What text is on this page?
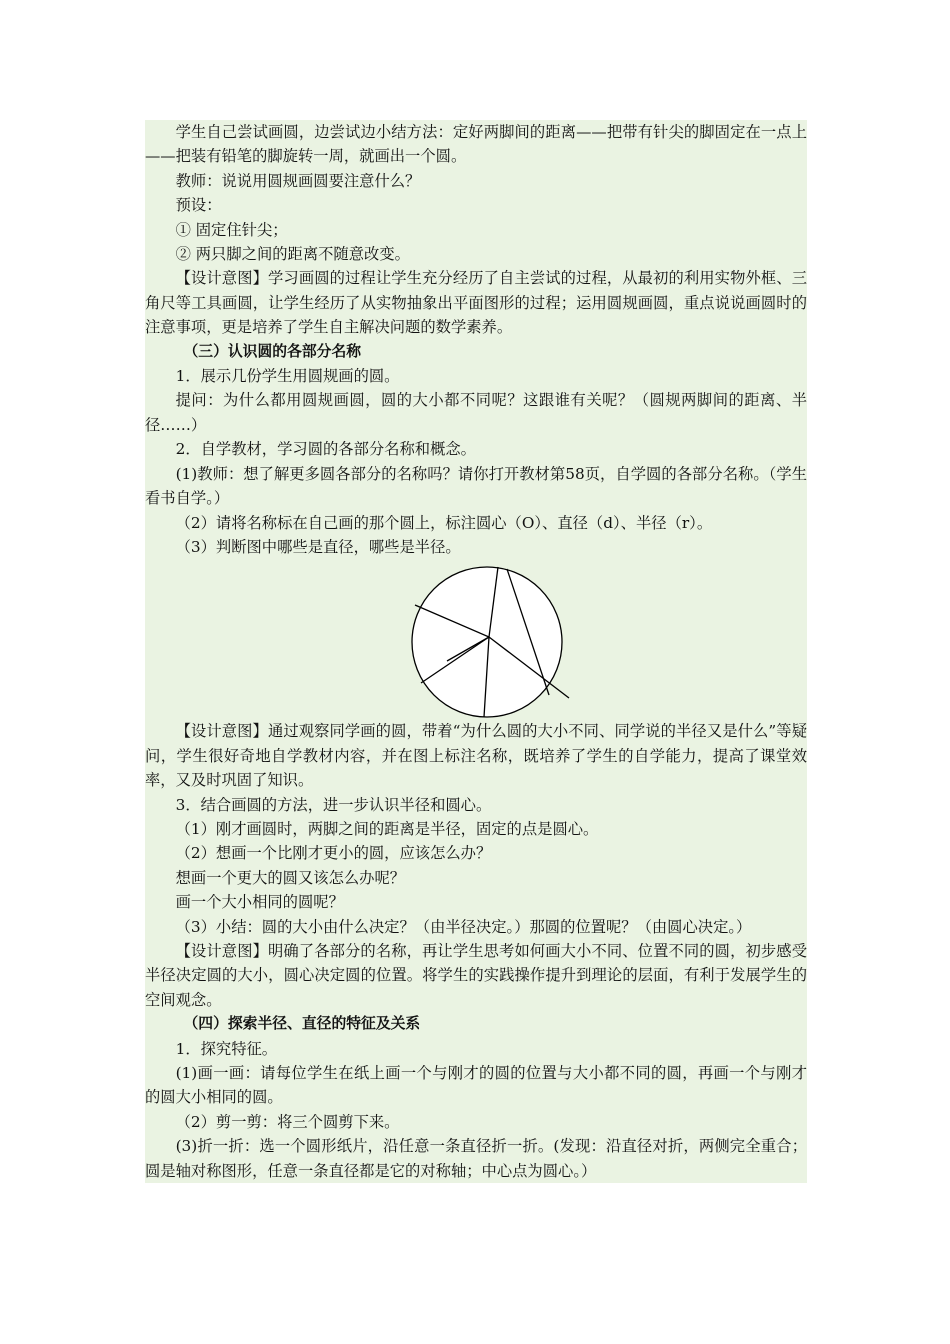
学生自己尝试画圆，边尝试边小结方法：定好两脚间的距离——把带有针尖的脚固定在一点上——把装有铅笔的脚旋转一周，就画出一个圆。

教师：说说用圆规画圆要注意什么？

预设：

① 固定住针尖；

② 两只脚之间的距离不随意改变。

【设计意图】学习画圆的过程让学生充分经历了自主尝试的过程，从最初的利用实物外框、三角尺等工具画圆，让学生经历了从实物抽象出平面图形的过程；运用圆规画圆，重点说说画圆时的注意事项，更是培养了学生自主解决问题的数学素养。

（三）认识圆的各部分名称

1．展示几份学生用圆规画的圆。

提问：为什么都用圆规画圆，圆的大小都不同呢？这跟谁有关呢？（圆规两脚间的距离、半径……）

2．自学教材，学习圆的各部分名称和概念。

(1)教师：想了解更多圆各部分的名称吗？请你打开教材第58页，自学圆的各部分名称。（学生看书自学。）

（2）请将名称标在自己画的那个圆上，标注圆心（O）、直径（d）、半径（r）。

（3）判断图中哪些是直径，哪些是半径。

【设计意图】通过观察同学画的圆，带着“为什么圆的大小不同、同学说的半径又是什么”等疑问，学生很好奇地自学教材内容，并在图上标注名称，既培养了学生的自学能力，提高了课堂效率，又及时巩固了知识。

3．结合画圆的方法，进一步认识半径和圆心。

（1）刚才画圆时，两脚之间的距离是半径，固定的点是圆心。

（2）想画一个比刚才更小的圆，应该怎么办？

想画一个更大的圆又该怎么办呢？

画一个大小相同的圆呢？

（3）小结：圆的大小由什么决定？（由半径决定。）那圆的位置呢？（由圆心决定。）

【设计意图】明确了各部分的名称，再让学生思考如何画大小不同、位置不同的圆，初步感受半径决定圆的大小，圆心决定圆的位置。将学生的实践操作提升到理论的层面，有利于发展学生的空间观念。

（四）探索半径、直径的特征及关系

1．探究特征。

(1)画一画：请每位学生在纸上画一个与刚才的圆的位置与大小都不同的圆，再画一个与刚才的圆大小相同的圆。

（2）剪一剪：将三个圆剪下来。

(3)折一折：选一个圆形纸片，沿任意一条直径折一折。(发现：沿直径对折，两侧完全重合；圆是轴对称图形，任意一条直径都是它的对称轴；中心点为圆心。）
